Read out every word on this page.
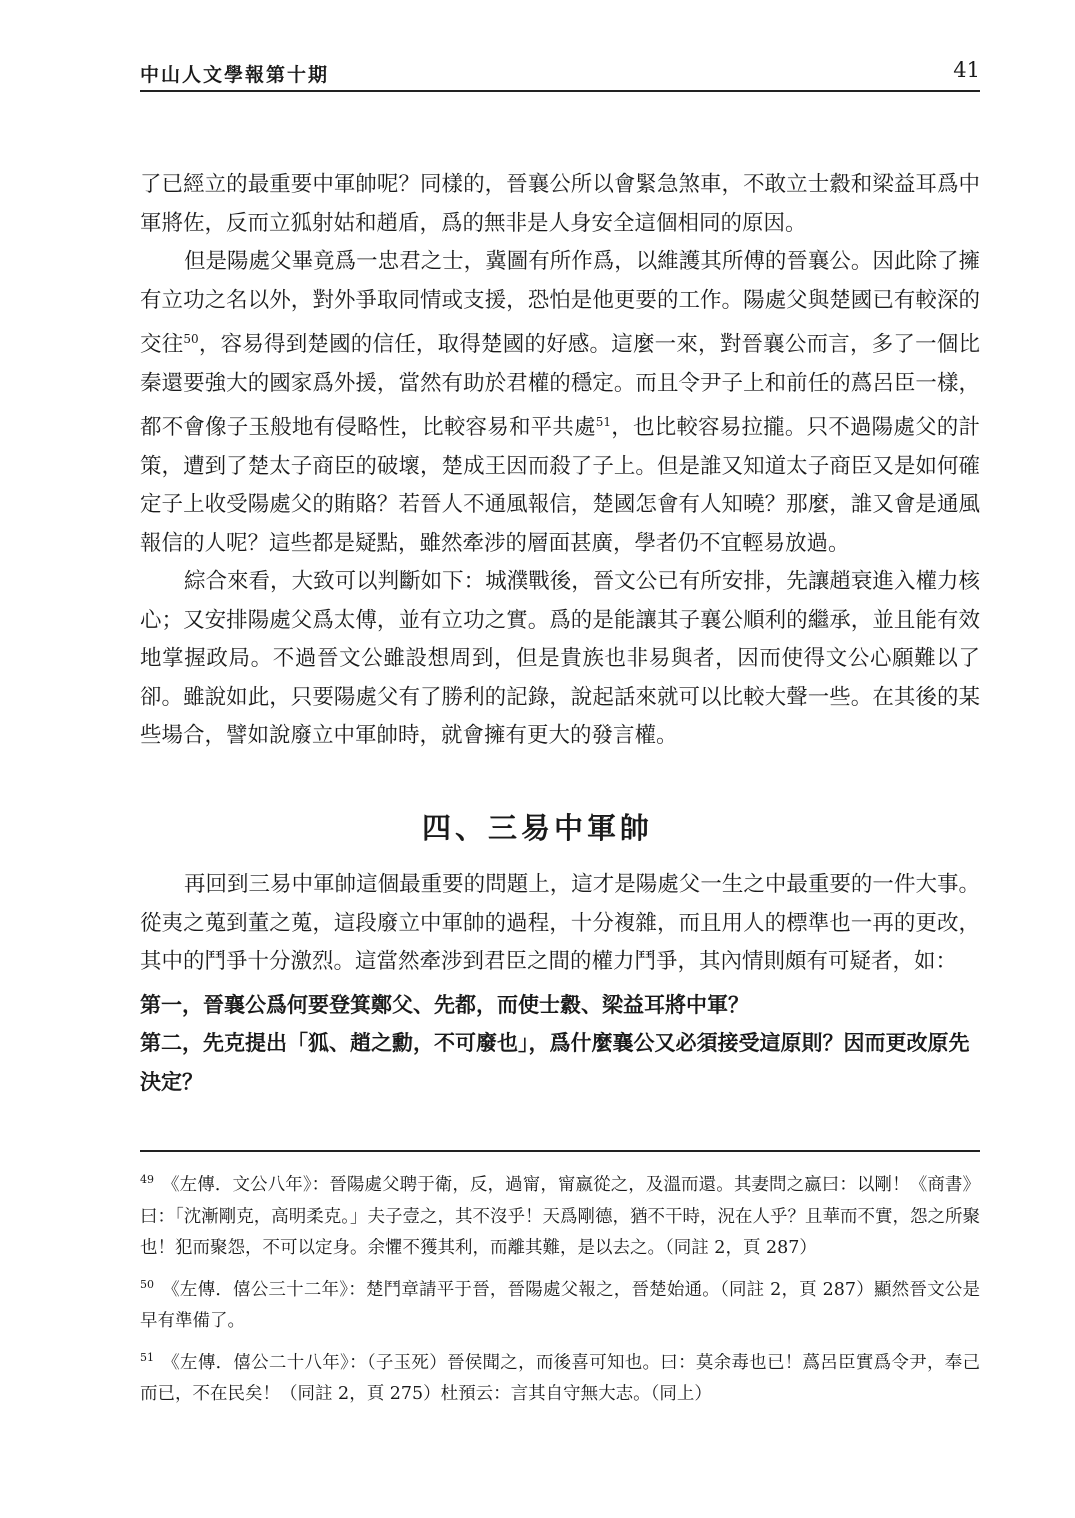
中山人文學報第十期	41

了已經立的最重要中軍帥呢？同樣的，晉襄公所以會緊急煞車，不敢立士縠和梁益耳爲中軍將佐，反而立狐射姑和趙盾，爲的無非是人身安全這個相同的原因。

但是陽處父畢竟爲一忠君之士，冀圖有所作爲，以維護其所傅的晉襄公。因此除了擁有立功之名以外，對外爭取同情或支援，恐怕是他更要的工作。陽處父與楚國已有較深的交往$^{50}$，容易得到楚國的信任，取得楚國的好感。這麼一來，對晉襄公而言，多了一個比秦還要強大的國家爲外援，當然有助於君權的穩定。而且令尹子上和前任的蔿呂臣一樣，都不會像子玉般地有侵略性，比較容易和平共處$^{51}$，也比較容易拉攏。只不過陽處父的計策，遭到了楚太子商臣的破壞，楚成王因而殺了子上。但是誰又知道太子商臣又是如何確定子上收受陽處父的賄賂？若晉人不通風報信，楚國怎會有人知曉？那麼，誰又會是通風報信的人呢？這些都是疑點，雖然牽涉的層面甚廣，學者仍不宜輕易放過。

綜合來看，大致可以判斷如下：城濮戰後，晉文公已有所安排，先讓趙衰進入權力核心；又安排陽處父爲太傅，並有立功之實。爲的是能讓其子襄公順利的繼承，並且能有效地掌握政局。不過晉文公雖設想周到，但是貴族也非易與者，因而使得文公心願難以了卻。雖說如此，只要陽處父有了勝利的記錄，說起話來就可以比較大聲一些。在其後的某些場合，譬如說廢立中軍帥時，就會擁有更大的發言權。

四、三易中軍帥

再回到三易中軍帥這個最重要的問題上，這才是陽處父一生之中最重要的一件大事。從夷之蒐到董之蒐，這段廢立中軍帥的過程，十分複雜，而且用人的標準也一再的更改，其中的鬥爭十分激烈。這當然牽涉到君臣之間的權力鬥爭，其內情則頗有可疑者，如：

第一，晉襄公爲何要登箕鄭父、先都，而使士縠、梁益耳將中軍？

第二，先克提出「狐、趙之勳，不可廢也」，爲什麼襄公又必須接受這原則？因而更改原先決定？

$^{49}$ 《左傳．文公八年》：晉陽處父聘于衛，反，過甯，甯嬴從之，及溫而還。其妻問之嬴曰：以剛！《商書》曰：「沈漸剛克，高明柔克。」夫子壹之，其不沒乎！天爲剛德，猶不干時，況在人乎？且華而不實，怨之所聚也！犯而聚怨，不可以定身。余懼不獲其利，而離其難，是以去之。（同註 2，頁 287）

$^{50}$ 《左傳．僖公三十二年》：楚鬥章請平于晉，晉陽處父報之，晉楚始通。（同註 2，頁 287）顯然晉文公是早有準備了。

$^{51}$ 《左傳．僖公二十八年》：（子玉死）晉侯聞之，而後喜可知也。曰：莫余毒也已！蔿呂臣實爲令尹，奉己而已，不在民矣！（同註 2，頁 275）杜預云：言其自守無大志。（同上）
